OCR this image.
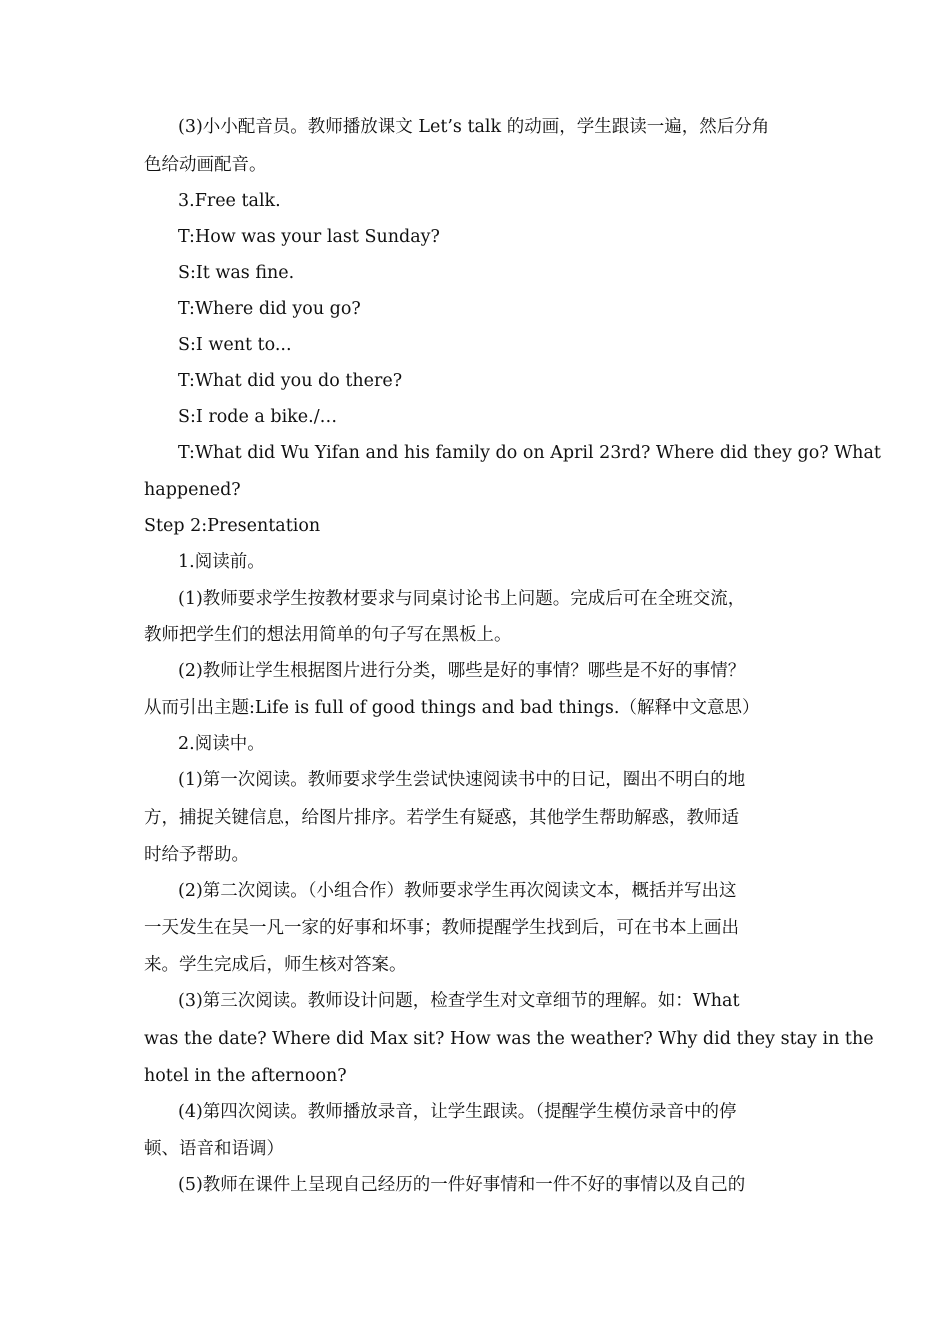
(3)小小配音员。教师播放课文 Let’s talk 的动画，学生跟读一遍，然后分角

色给动画配音。

3.Free talk.

T:How was your last Sunday?

S:It was fine.

T:Where did you go?

S:I went to...

T:What did you do there?

S:I rode a bike./…

T:What did Wu Yifan and his family do on April 23rd? Where did they go? What

happened?

Step 2:Presentation

1.阅读前。

(1)教师要求学生按教材要求与同桌讨论书上问题。完成后可在全班交流，

教师把学生们的想法用简单的句子写在黑板上。

(2)教师让学生根据图片进行分类，哪些是好的事情？哪些是不好的事情？

从而引出主题:Life is full of good things and bad things.（解释中文意思）

2.阅读中。

(1)第一次阅读。教师要求学生尝试快速阅读书中的日记，圈出不明白的地

方，捕捉关键信息，给图片排序。若学生有疑惑，其他学生帮助解惑，教师适

时给予帮助。

(2)第二次阅读。（小组合作）教师要求学生再次阅读文本，概括并写出这

一天发生在吴一凡一家的好事和坏事；教师提醒学生找到后，可在书本上画出

来。学生完成后，师生核对答案。

(3)第三次阅读。教师设计问题，检查学生对文章细节的理解。如：What

was the date? Where did Max sit? How was the weather? Why did they stay in the

hotel in the afternoon?

(4)第四次阅读。教师播放录音，让学生跟读。（提醒学生模仿录音中的停

顿、语音和语调）

(5)教师在课件上呈现自己经历的一件好事情和一件不好的事情以及自己的
